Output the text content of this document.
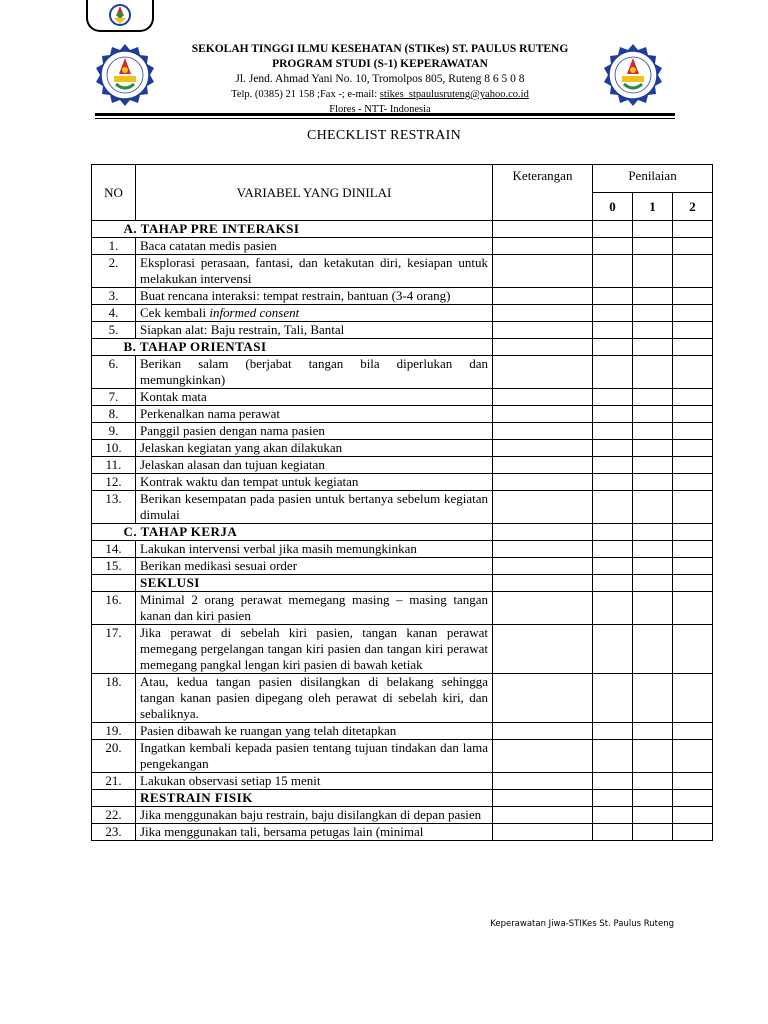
SEKOLAH TINGGI ILMU KESEHATAN (STIKes) ST. PAULUS RUTENG

PROGRAM STUDI (S-1) KEPERAWATAN

Jl. Jend. Ahmad Yani No. 10, Tromolpos 805, Ruteng 8 6 5 0 8

Telp. (0385) 21 158 ;Fax -; e-mail: stikes_stpaulusruteng@yahoo.co.id

Flores - NTT- Indonesia

CHECKLIST RESTRAIN
NO	VARIABEL YANG DINILAI	Keterangan	Penilaian		
			0	1	2
	A. TAHAP PRE INTERAKSI				
1.	Baca catatan medis pasien				
2.	Eksplorasi perasaan, fantasi, dan ketakutan diri, kesiapan untuk melakukan intervensi				
3.	Buat rencana interaksi: tempat restrain, bantuan (3-4 orang)				
4.	Cek kembali informed consent				
5.	Siapkan alat: Baju restrain, Tali, Bantal				
	B. TAHAP ORIENTASI				
6.	Berikan salam (berjabat tangan bila diperlukan dan memungkinkan)				
7.	Kontak mata				
8.	Perkenalkan nama perawat				
9.	Panggil pasien dengan nama pasien				
10.	Jelaskan kegiatan yang akan dilakukan				
11.	Jelaskan alasan dan tujuan kegiatan				
12.	Kontrak waktu dan tempat untuk kegiatan				
13.	Berikan kesempatan pada pasien untuk bertanya sebelum kegiatan dimulai				
	C. TAHAP KERJA				
14.	Lakukan intervensi verbal jika masih memungkinkan				
15.	Berikan medikasi sesuai order				
	SEKLUSI				
16.	Minimal 2 orang perawat memegang masing – masing tangan kanan dan kiri pasien				
17.	Jika perawat di sebelah kiri pasien, tangan kanan perawat memegang pergelangan tangan kiri pasien dan tangan kiri perawat memegang pangkal lengan kiri pasien di bawah ketiak				
18.	Atau, kedua tangan pasien disilangkan di belakang sehingga tangan kanan pasien dipegang oleh perawat di sebelah kiri, dan sebaliknya.				
19.	Pasien dibawah ke ruangan yang telah ditetapkan				
20.	Ingatkan kembali kepada pasien tentang tujuan tindakan dan lama pengekangan				
21.	Lakukan observasi setiap 15 menit				
	RESTRAIN FISIK				
22.	Jika menggunakan baju restrain, baju disilangkan di depan pasien				
23.	Jika menggunakan tali, bersama petugas lain (minimal				
Keperawatan Jiwa-STIKes St. Paulus Ruteng
